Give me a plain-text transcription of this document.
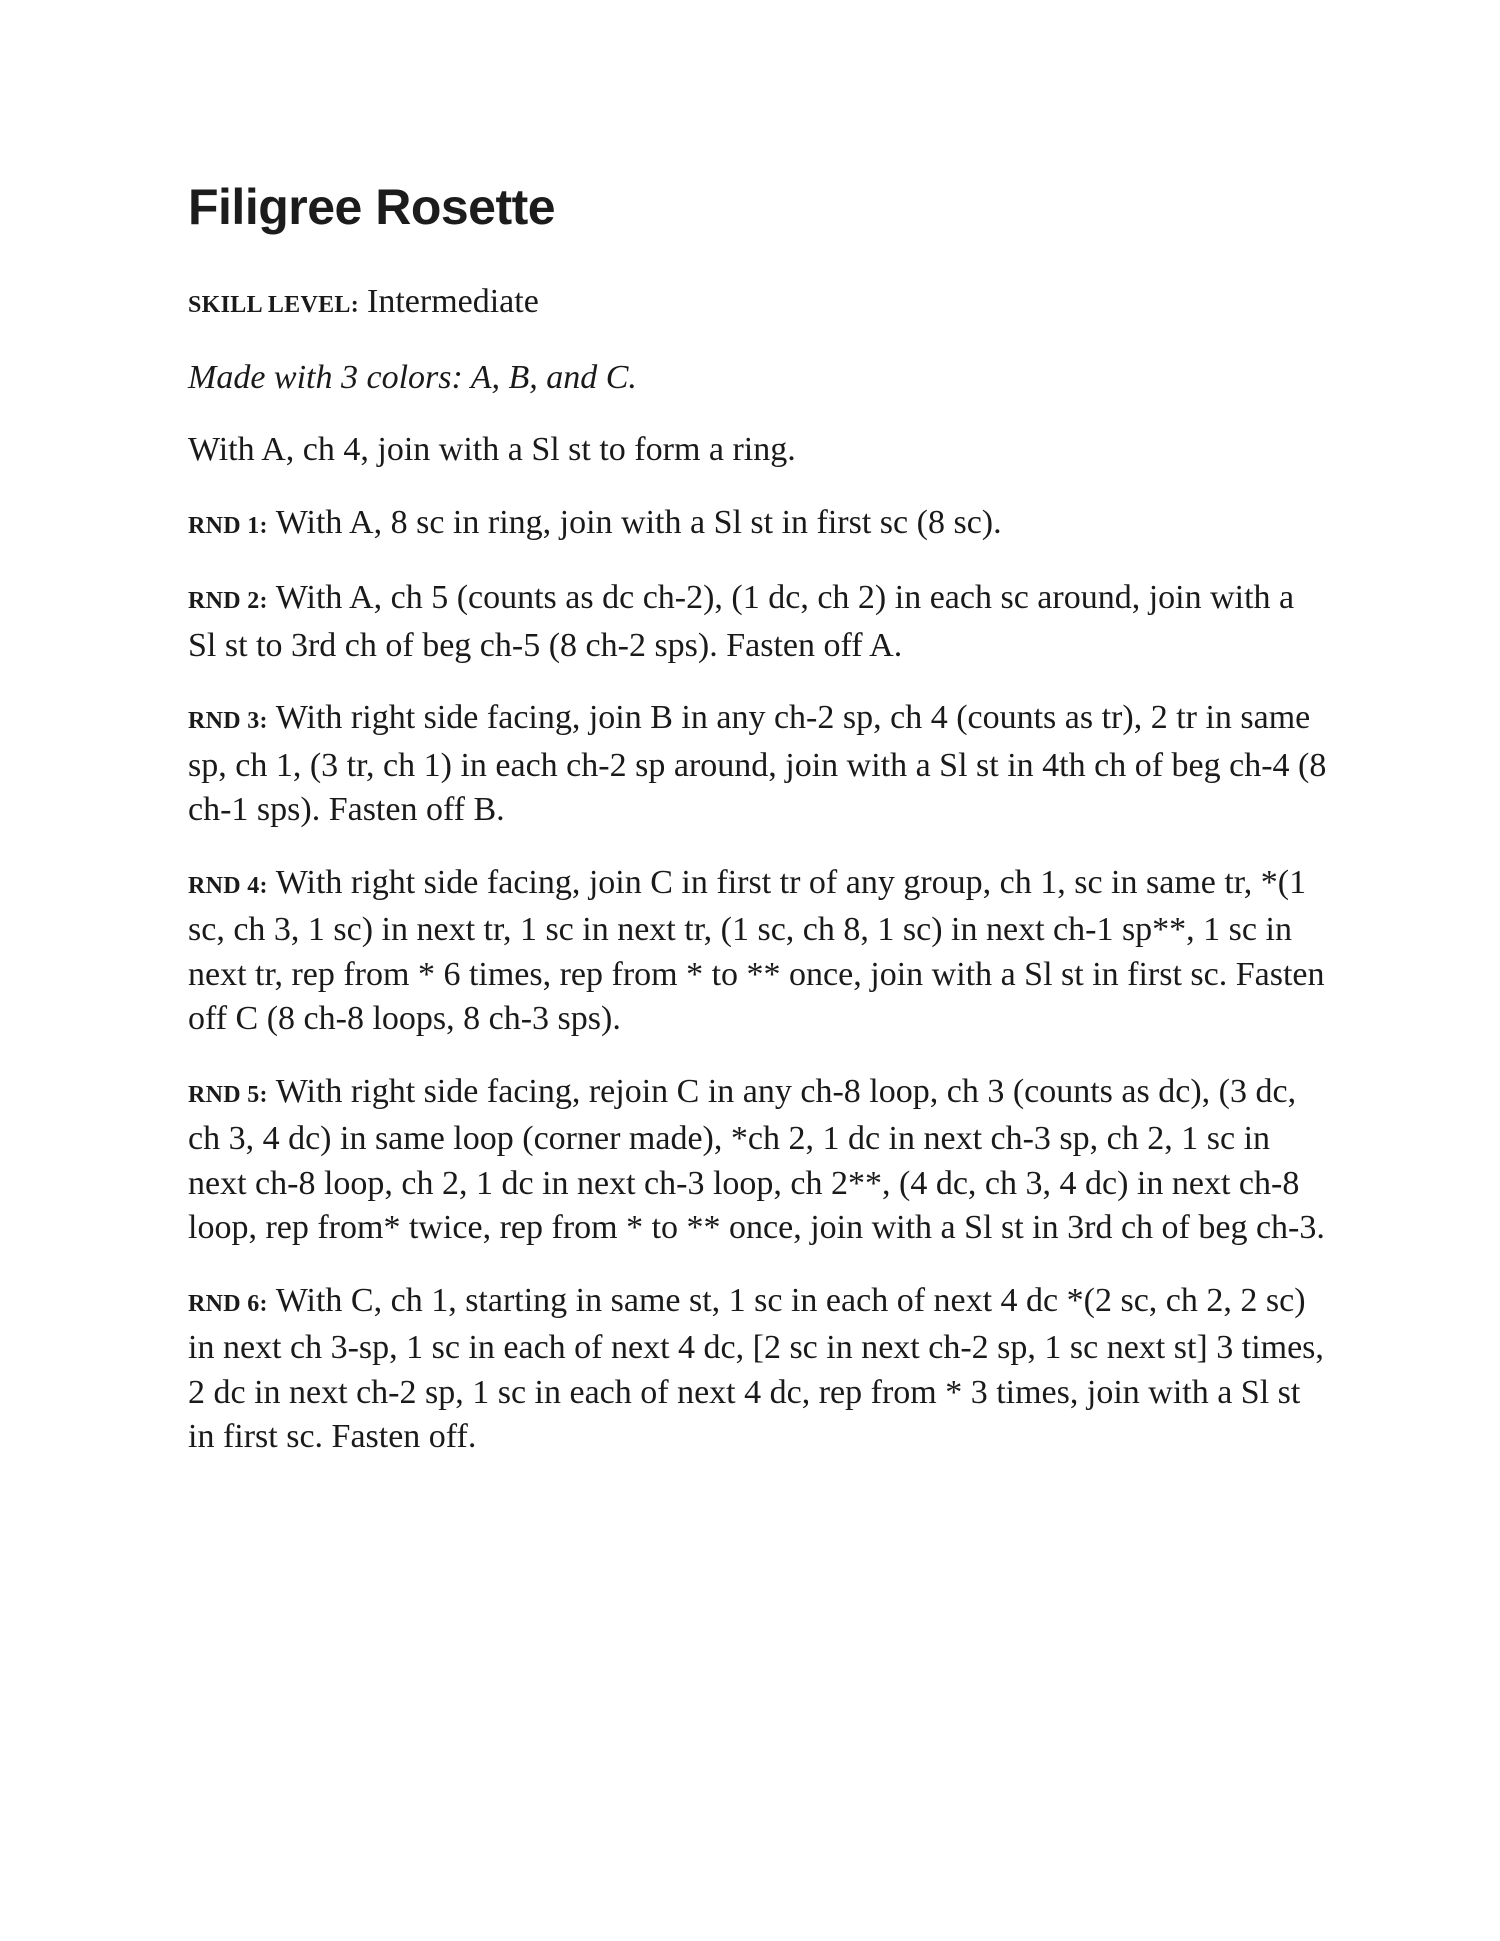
Filigree Rosette

SKILL LEVEL: Intermediate

Made with 3 colors: A, B, and C.

With A, ch 4, join with a Sl st to form a ring.

RND 1: With A, 8 sc in ring, join with a Sl st in first sc (8 sc).

RND 2: With A, ch 5 (counts as dc ch-2), (1 dc, ch 2) in each sc around, join with a Sl st to 3rd ch of beg ch-5 (8 ch-2 sps). Fasten off A.

RND 3: With right side facing, join B in any ch-2 sp, ch 4 (counts as tr), 2 tr in same sp, ch 1, (3 tr, ch 1) in each ch-2 sp around, join with a Sl st in 4th ch of beg ch-4 (8 ch-1 sps). Fasten off B.

RND 4: With right side facing, join C in first tr of any group, ch 1, sc in same tr, *(1 sc, ch 3, 1 sc) in next tr, 1 sc in next tr, (1 sc, ch 8, 1 sc) in next ch-1 sp**, 1 sc in next tr, rep from * 6 times, rep from * to ** once, join with a Sl st in first sc. Fasten off C (8 ch-8 loops, 8 ch-3 sps).

RND 5: With right side facing, rejoin C in any ch-8 loop, ch 3 (counts as dc), (3 dc, ch 3, 4 dc) in same loop (corner made), *ch 2, 1 dc in next ch-3 sp, ch 2, 1 sc in next ch-8 loop, ch 2, 1 dc in next ch-3 loop, ch 2**, (4 dc, ch 3, 4 dc) in next ch-8 loop, rep from* twice, rep from * to ** once, join with a Sl st in 3rd ch of beg ch-3.

RND 6: With C, ch 1, starting in same st, 1 sc in each of next 4 dc *(2 sc, ch 2, 2 sc) in next ch 3-sp, 1 sc in each of next 4 dc, [2 sc in next ch-2 sp, 1 sc next st] 3 times, 2 dc in next ch-2 sp, 1 sc in each of next 4 dc, rep from * 3 times, join with a Sl st in first sc. Fasten off.
